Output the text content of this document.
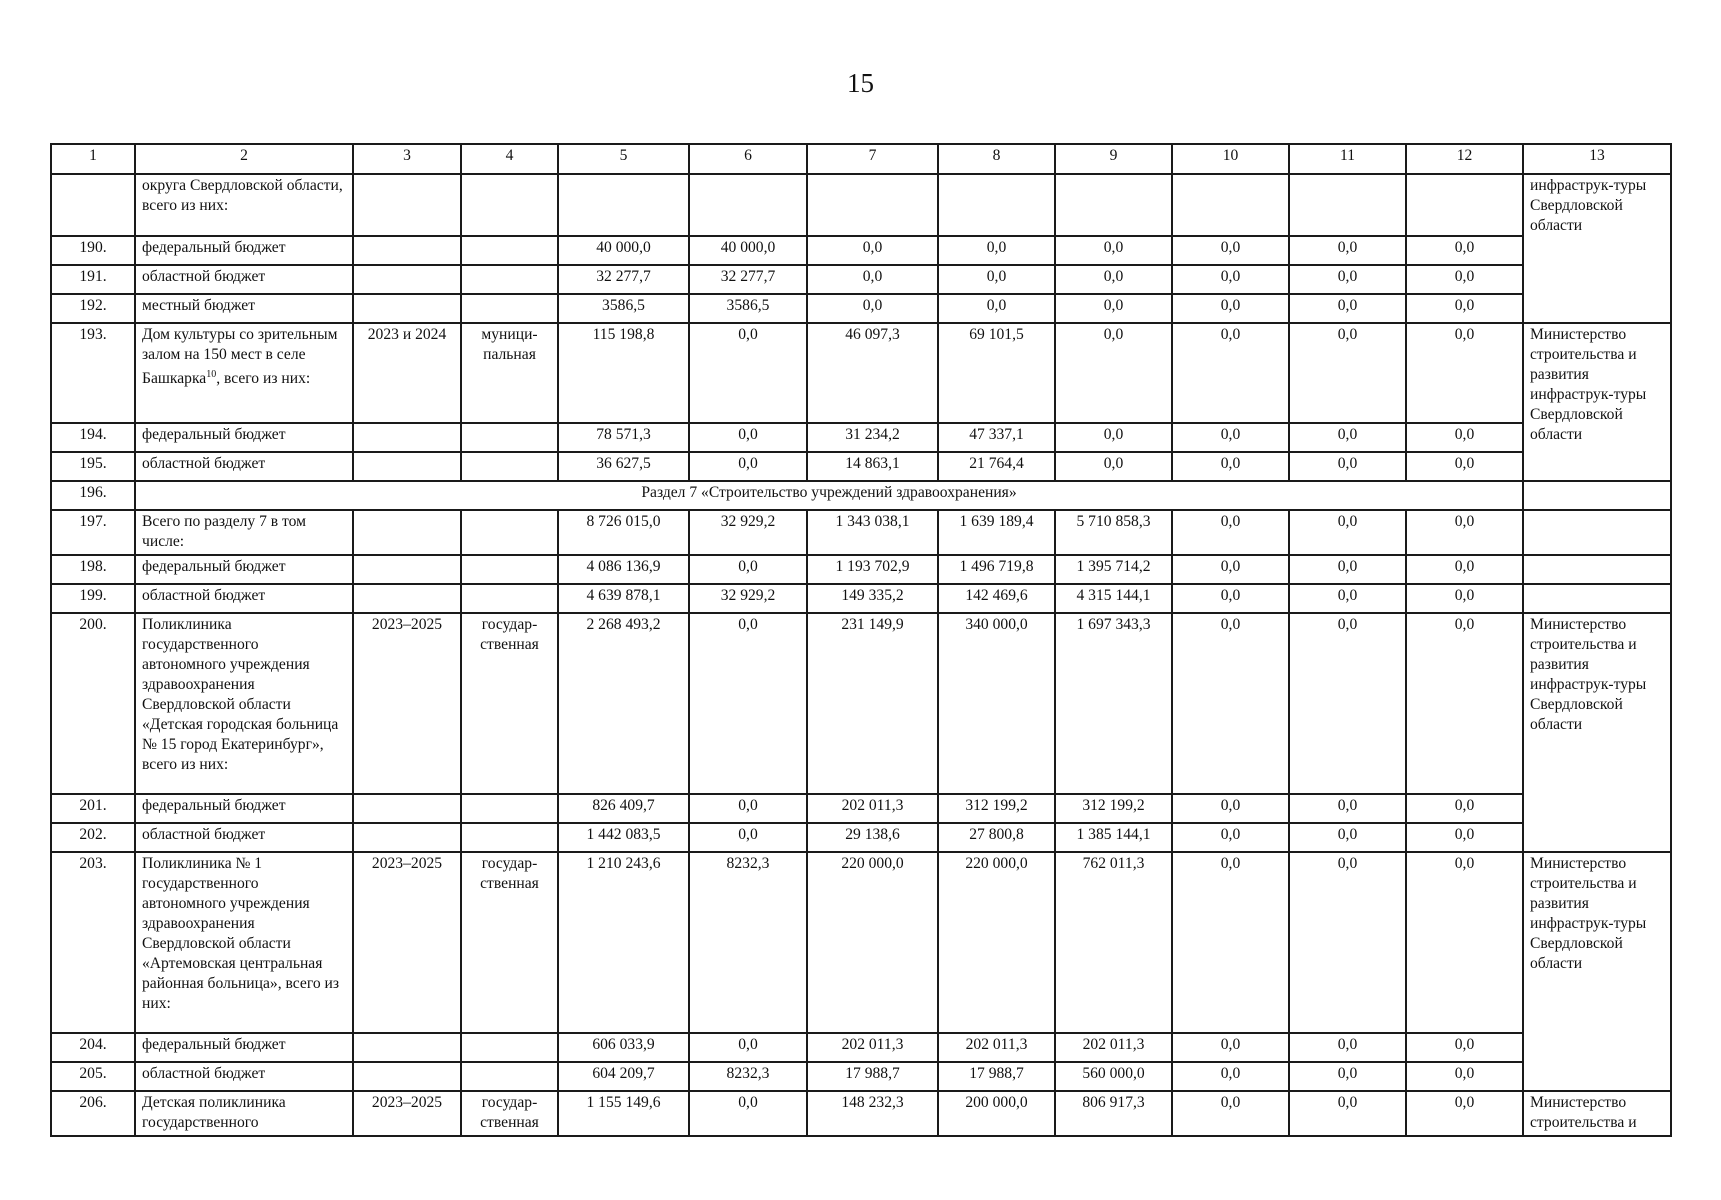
15
1	2	3	4	5	6	7	8	9	10	11	12	13
	округа Свердловской области, всего из них:											инфраструк-туры Свердловской области
190.	федеральный бюджет			40 000,0	40 000,0	0,0	0,0	0,0	0,0	0,0	0,0	
191.	областной бюджет			32 277,7	32 277,7	0,0	0,0	0,0	0,0	0,0	0,0	
192.	местный бюджет			3586,5	3586,5	0,0	0,0	0,0	0,0	0,0	0,0	
193.	Дом культуры со зрительным залом на 150 мест в селе Башкарка$^{10}$, всего из них:	2023 и 2024	муници-пальная	115 198,8	0,0	46 097,3	69 101,5	0,0	0,0	0,0	0,0	Министерство строительства и развития инфраструк-туры Свердловской области
194.	федеральный бюджет			78 571,3	0,0	31 234,2	47 337,1	0,0	0,0	0,0	0,0	
195.	областной бюджет			36 627,5	0,0	14 863,1	21 764,4	0,0	0,0	0,0	0,0	
196.	Раздел 7 «Строительство учреждений здравоохранения»											
197.	Всего по разделу 7 в том числе:			8 726 015,0	32 929,2	1 343 038,1	1 639 189,4	5 710 858,3	0,0	0,0	0,0	
198.	федеральный бюджет			4 086 136,9	0,0	1 193 702,9	1 496 719,8	1 395 714,2	0,0	0,0	0,0	
199.	областной бюджет			4 639 878,1	32 929,2	149 335,2	142 469,6	4 315 144,1	0,0	0,0	0,0	
200.	Поликлиника государственного автономного учреждения здравоохранения Свердловской области «Детская городская больница № 15 город Екатеринбург», всего из них:	2023–2025	государ-ственная	2 268 493,2	0,0	231 149,9	340 000,0	1 697 343,3	0,0	0,0	0,0	Министерство строительства и развития инфраструк-туры Свердловской области
201.	федеральный бюджет			826 409,7	0,0	202 011,3	312 199,2	312 199,2	0,0	0,0	0,0	
202.	областной бюджет			1 442 083,5	0,0	29 138,6	27 800,8	1 385 144,1	0,0	0,0	0,0	
203.	Поликлиника № 1 государственного автономного учреждения здравоохранения Свердловской области «Артемовская центральная районная больница», всего из них:	2023–2025	государ-ственная	1 210 243,6	8232,3	220 000,0	220 000,0	762 011,3	0,0	0,0	0,0	Министерство строительства и развития инфраструк-туры Свердловской области
204.	федеральный бюджет			606 033,9	0,0	202 011,3	202 011,3	202 011,3	0,0	0,0	0,0	
205.	областной бюджет			604 209,7	8232,3	17 988,7	17 988,7	560 000,0	0,0	0,0	0,0	
206.	Детская поликлиника государственного	2023–2025	государ-ственная	1 155 149,6	0,0	148 232,3	200 000,0	806 917,3	0,0	0,0	0,0	Министерство строительства и
